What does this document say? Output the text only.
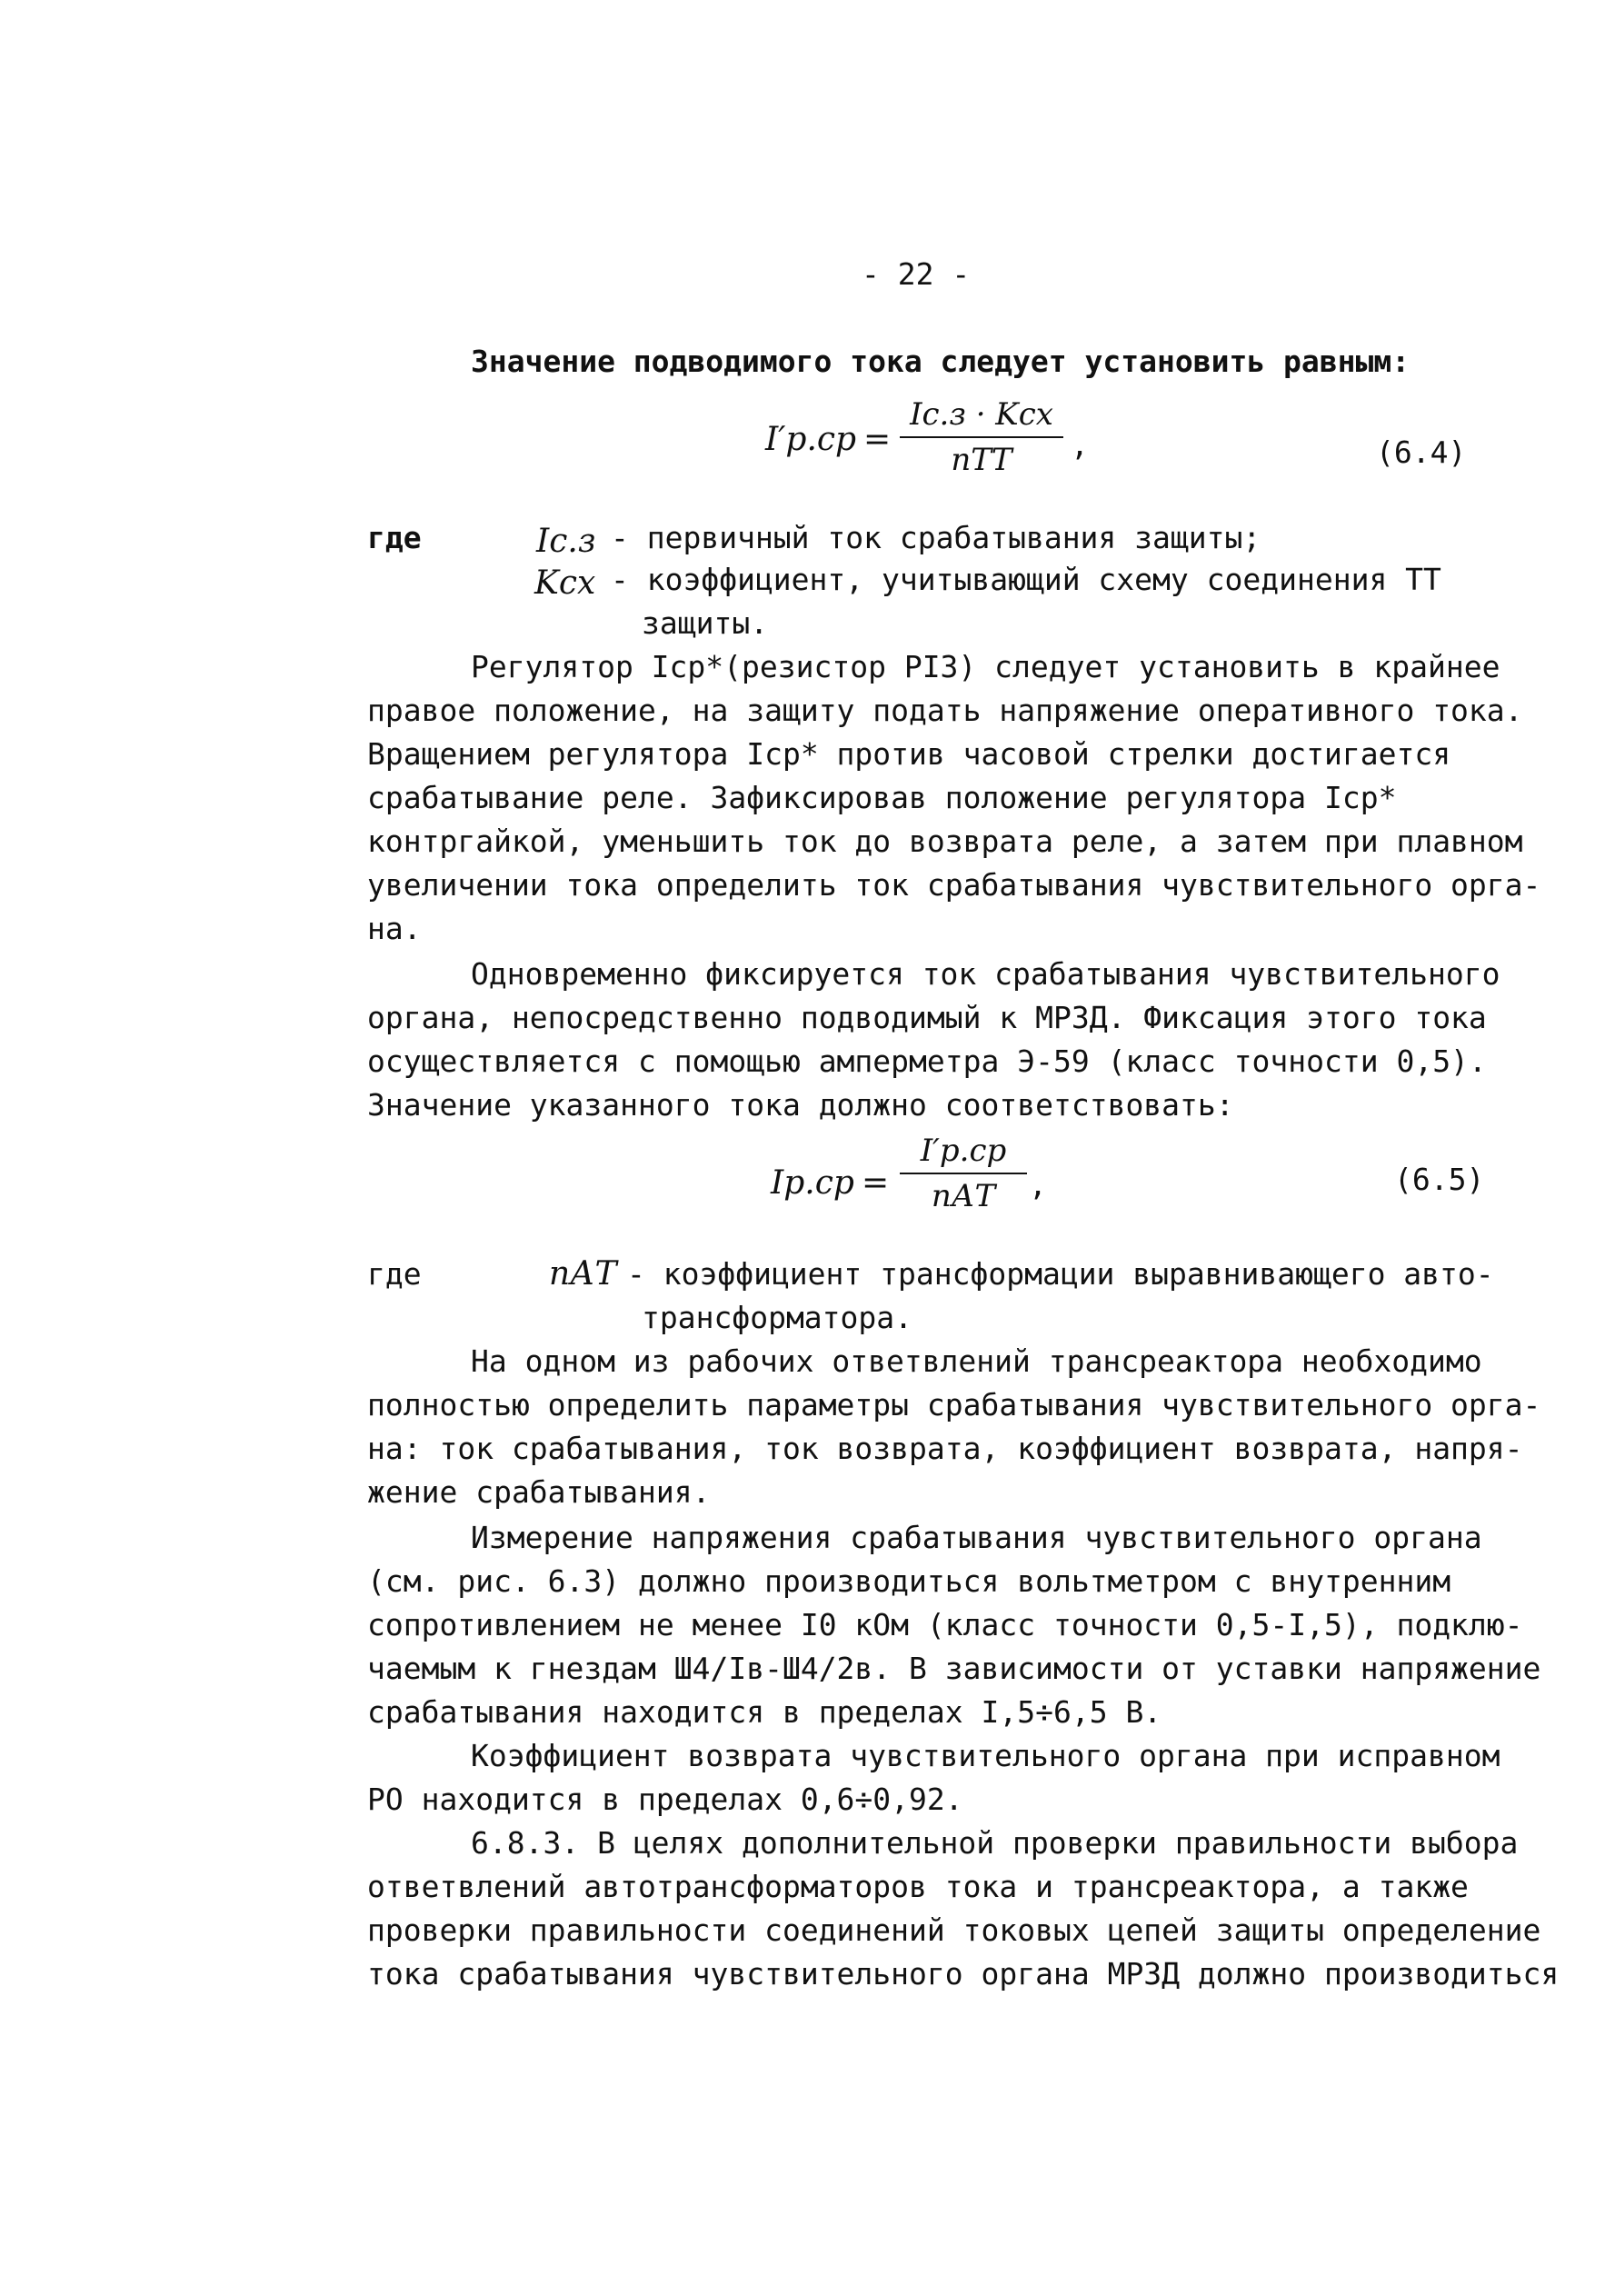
- 22 -
Значение подводимого тока следует установить равным:
I′р.ср =
Iс.з · Kсх
nТТ	,	(6.4)
где	Iс.з - первичный ток срабатывания защиты;
Kсх - коэффициент, учитывающий схему соединения ТТ
защиты.
Регулятор Iср*(резистор PI3) следует установить в крайнее
правое положение, на защиту подать напряжение оперативного тока.
Вращением регулятора Iср* против часовой стрелки достигается
срабатывание реле. Зафиксировав положение регулятора Iср*
контргайкой, уменьшить ток до возврата реле, а затем при плавном
увеличении тока определить ток срабатывания чувствительного орга-
на.
Одновременно фиксируется ток срабатывания чувствительного
органа, непосредственно подводимый к МРЗД. Фиксация этого тока
осуществляется с помощью амперметра Э-59 (класс точности 0,5).
Значение указанного тока должно соответствовать:
Iр.ср =
I′р.ср
nАТ	,	(6.5)
где	nАТ - коэффициент трансформации выравнивающего авто-
трансформатора.
На одном из рабочих ответвлений трансреактора необходимо
полностью определить параметры срабатывания чувствительного орга-
на: ток срабатывания, ток возврата, коэффициент возврата, напря-
жение срабатывания.
Измерение напряжения срабатывания чувствительного органа
(см. рис. 6.3) должно производиться вольтметром с внутренним
сопротивлением не менее I0 кОм (класс точности 0,5-I,5), подклю-
чаемым к гнездам Ш4/Iв-Ш4/2в. В зависимости от уставки напряжение
срабатывания находится в пределах I,5÷6,5 В.
Коэффициент возврата чувствительного органа при исправном
РО находится в пределах 0,6÷0,92.
6.8.3. В целях дополнительной проверки правильности выбора
ответвлений автотрансформаторов тока и трансреактора, а также
проверки правильности соединений токовых цепей защиты определение
тока срабатывания чувствительного органа МРЗД должно производиться
